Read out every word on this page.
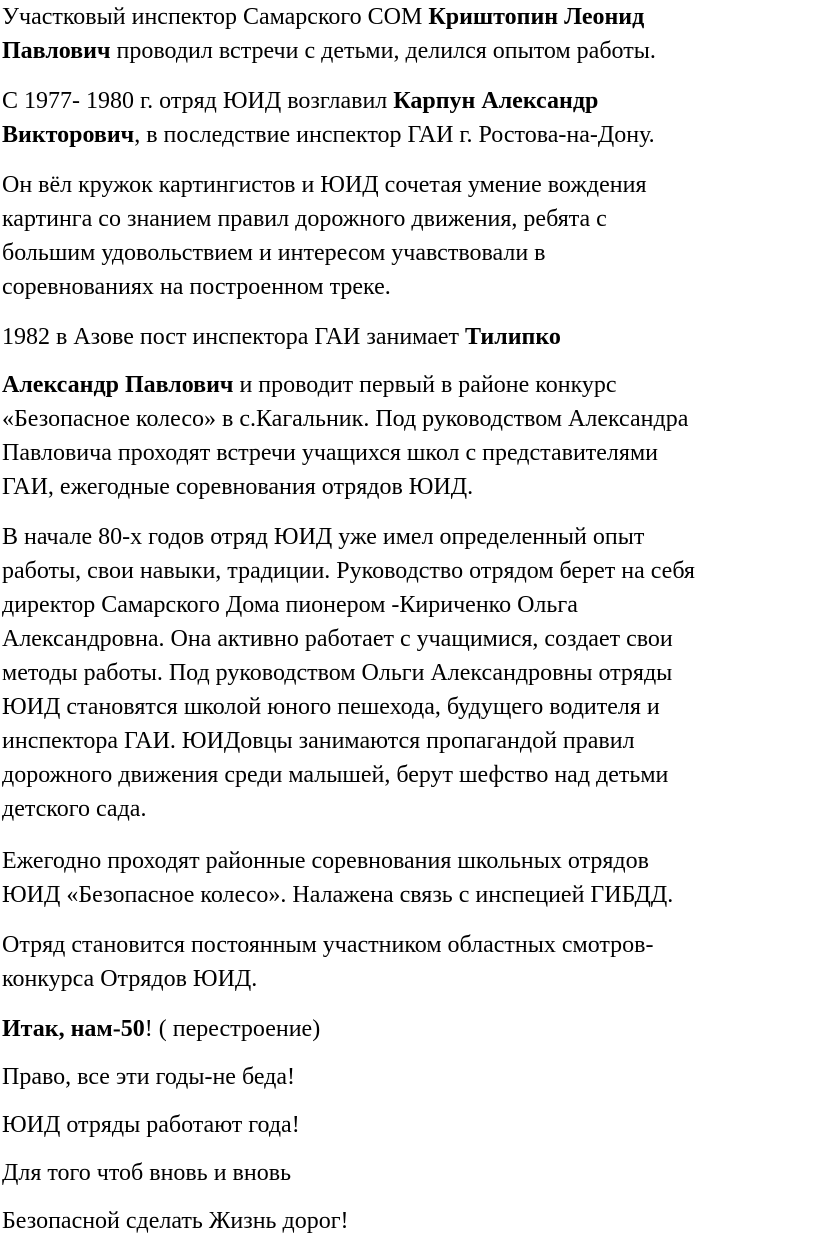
Участковый инспектор Самарского СОМ Криштопин Леонид
Павлович проводил встречи с детьми, делился опытом работы.
С 1977- 1980 г. отряд ЮИД возглавил Карпун Александр
Викторович, в последствие инспектор ГАИ г. Ростова-на-Дону.
Он вёл кружок картингистов и ЮИД сочетая умение вождения
картинга со знанием правил дорожного движения, ребята с
большим удовольствием и интересом учавствовали в
соревнованиях на построенном треке.
1982 в Азове пост инспектора ГАИ занимает Тилипко
Александр Павлович и проводит первый в районе конкурс
«Безопасное колесо» в с.Кагальник. Под руководством Александра
Павловича проходят встречи учащихся школ с представителями
ГАИ, ежегодные соревнования отрядов ЮИД.
В начале 80-х годов отряд ЮИД уже имел определенный опыт
работы, свои навыки, традиции. Руководство отрядом берет на себя
директор Самарского Дома пионером -Кириченко Ольга
Александровна. Она активно работает с учащимися, создает свои
методы работы. Под руководством Ольги Александровны отряды
ЮИД становятся школой юного пешехода, будущего водителя и
инспектора ГАИ. ЮИДовцы занимаются пропагандой правил
дорожного движения среди малышей, берут шефство над детьми
детского сада.
Ежегодно проходят районные соревнования школьных отрядов
ЮИД «Безопасное колесо». Налажена связь с инспецией ГИБДД.
Отряд становится постоянным участником областных смотров-
конкурса Отрядов ЮИД.
Итак, нам-50! ( перестроение)
Право, все эти годы-не беда!
ЮИД отряды работают года!
Для того чтоб вновь и вновь
Безопасной сделать Жизнь дорог!
